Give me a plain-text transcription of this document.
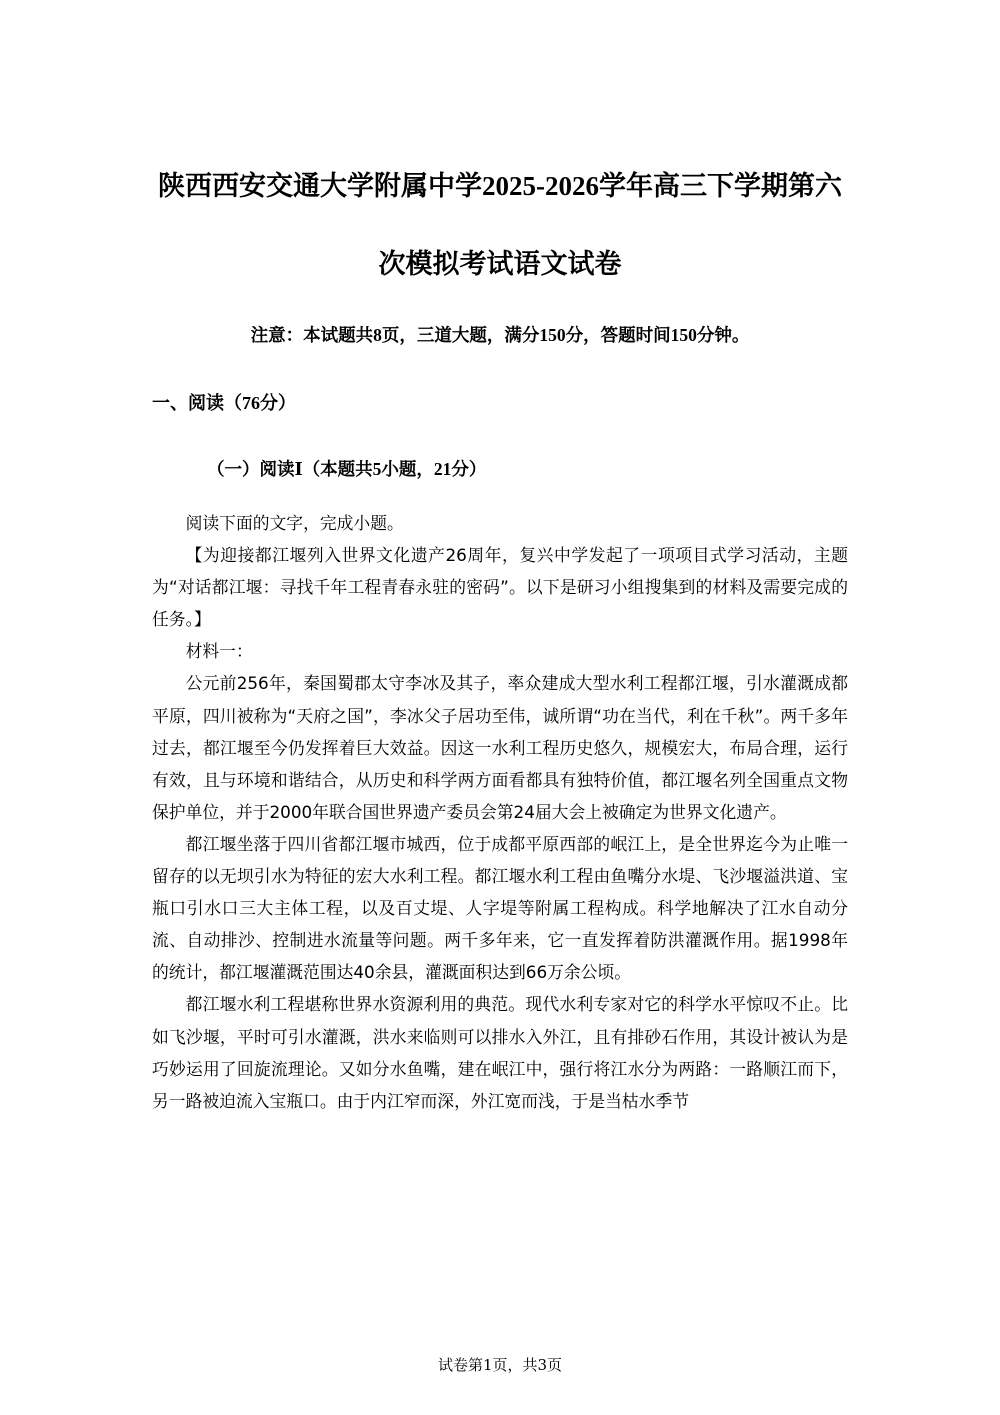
陕西西安交通大学附属中学2025-2026学年高三下学期第六
次模拟考试语文试卷

注意：本试题共8页，三道大题，满分150分，答题时间150分钟。

一、阅读（76分）
（一）阅读Ⅰ（本题共5小题，21分）

阅读下面的文字，完成小题。

【为迎接都江堰列入世界文化遗产26周年，复兴中学发起了一项项目式学习活动，主题为“对话都江堰：寻找千年工程青春永驻的密码”。以下是研习小组搜集到的材料及需要完成的任务。】

材料一：

公元前256年，秦国蜀郡太守李冰及其子，率众建成大型水利工程都江堰，引水灌溉成都平原，四川被称为“天府之国”，李冰父子居功至伟，诚所谓“功在当代，利在千秋”。两千多年过去，都江堰至今仍发挥着巨大效益。因这一水利工程历史悠久，规模宏大，布局合理，运行有效，且与环境和谐结合，从历史和科学两方面看都具有独特价值，都江堰名列全国重点文物保护单位，并于2000年联合国世界遗产委员会第24届大会上被确定为世界文化遗产。

都江堰坐落于四川省都江堰市城西，位于成都平原西部的岷江上，是全世界迄今为止唯一留存的以无坝引水为特征的宏大水利工程。都江堰水利工程由鱼嘴分水堤、飞沙堰溢洪道、宝瓶口引水口三大主体工程，以及百丈堤、人字堤等附属工程构成。科学地解决了江水自动分流、自动排沙、控制进水流量等问题。两千多年来，它一直发挥着防洪灌溉作用。据1998年的统计，都江堰灌溉范围达40余县，灌溉面积达到66万余公顷。

都江堰水利工程堪称世界水资源利用的典范。现代水利专家对它的科学水平惊叹不止。比如飞沙堰，平时可引水灌溉，洪水来临则可以排水入外江，且有排砂石作用，其设计被认为是巧妙运用了回旋流理论。又如分水鱼嘴，建在岷江中，强行将江水分为两路：一路顺江而下，另一路被迫流入宝瓶口。由于内江窄而深，外江宽而浅，于是当枯水季节

试卷第1页，共3页
